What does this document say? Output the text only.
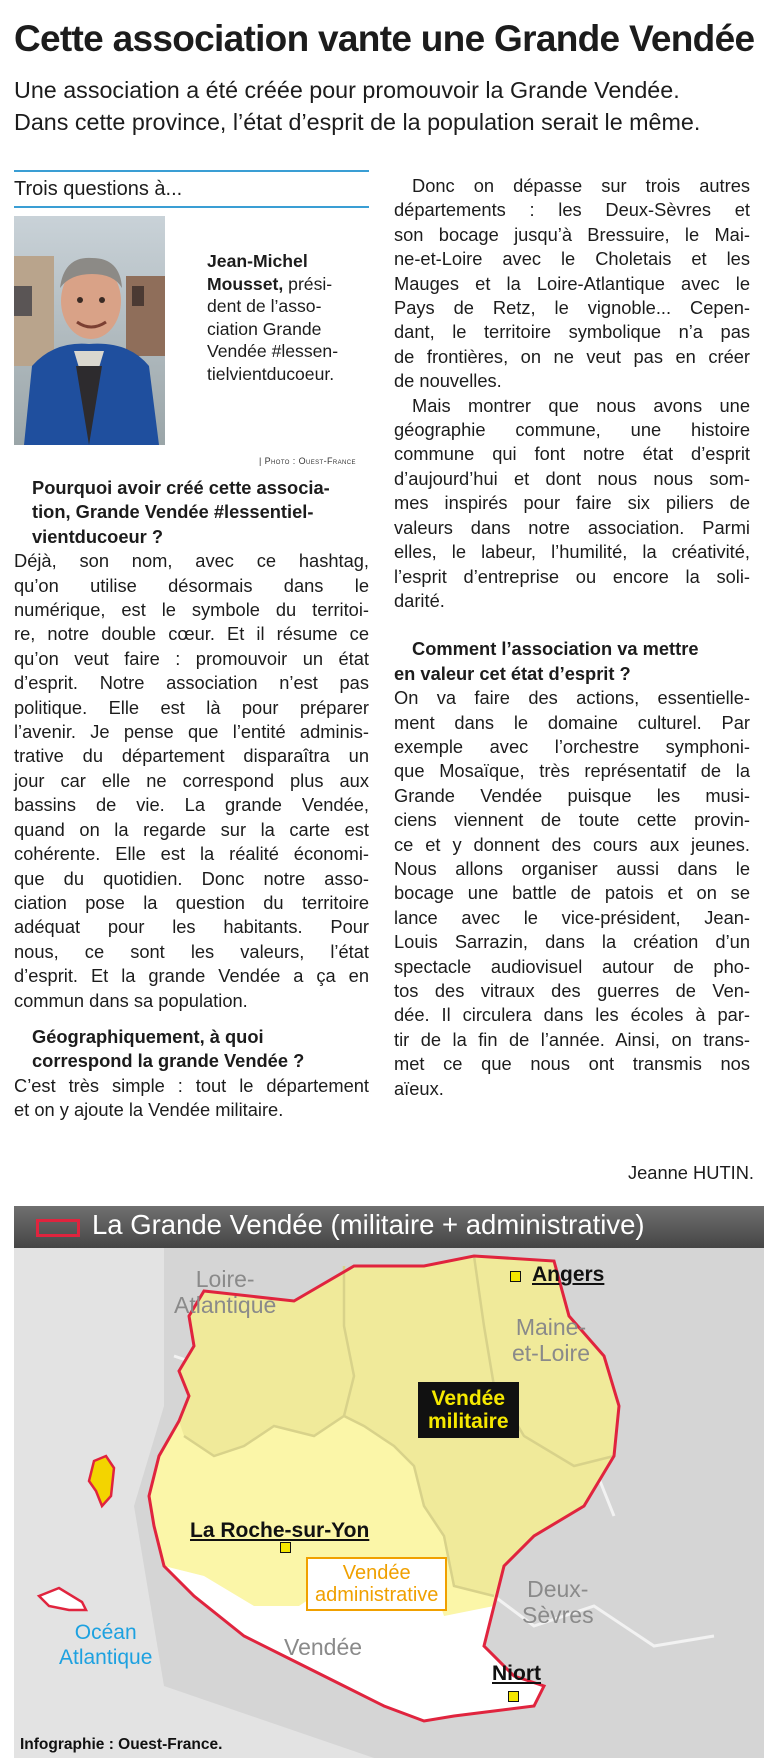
Cette association vante une Grande Vendée
Une association a été créée pour promouvoir la Grande Vendée.
Dans cette province, l’état d’esprit de la population serait le même.
Trois questions à...
Jean-Michel
Mousset, prési-
dent de l’asso-
ciation Grande
Vendée #lessen-
tielvientducoeur.
| Photo : Ouest-France
Pourquoi avoir créé cette associa-
tion, Grande Vendée #lessentiel-
vientducoeur ?
Déjà, son nom, avec ce hashtag,
qu’on utilise désormais dans le
numérique, est le symbole du territoi-
re, notre double cœur. Et il résume ce
qu’on veut faire : promouvoir un état
d’esprit. Notre association n’est pas
politique. Elle est là pour préparer
l’avenir. Je pense que l’entité adminis-
trative du département disparaîtra un
jour car elle ne correspond plus aux
bassins de vie. La grande Vendée,
quand on la regarde sur la carte est
cohérente. Elle est la réalité économi-
que du quotidien. Donc notre asso-
ciation pose la question du territoire
adéquat pour les habitants. Pour
nous, ce sont les valeurs, l’état
d’esprit. Et la grande Vendée a ça en
commun dans sa population.
Géographiquement, à quoi
correspond la grande Vendée ?
C’est très simple : tout le département
et on y ajoute la Vendée militaire.
Donc on dépasse sur trois autres
départements : les Deux-Sèvres et
son bocage jusqu’à Bressuire, le Mai-
ne-et-Loire avec le Choletais et les
Mauges et la Loire-Atlantique avec le
Pays de Retz, le vignoble... Cepen-
dant, le territoire symbolique n’a pas
de frontières, on ne veut pas en créer
de nouvelles.
Mais montrer que nous avons une
géographie commune, une histoire
commune qui font notre état d’esprit
d’aujourd’hui et dont nous nous som-
mes inspirés pour faire six piliers de
valeurs dans notre association. Parmi
elles, le labeur, l’humilité, la créativité,
l’esprit d’entreprise ou encore la soli-
darité.
Comment l’association va mettre
en valeur cet état d’esprit ?
On va faire des actions, essentielle-
ment dans le domaine culturel. Par
exemple avec l’orchestre symphoni-
que Mosaïque, très représentatif de la
Grande Vendée puisque les musi-
ciens viennent de toute cette provin-
ce et y donnent des cours aux jeunes.
Nous allons organiser aussi dans le
bocage une battle de patois et on se
lance avec le vice-président, Jean-
Louis Sarrazin, dans la création d’un
spectacle audiovisuel autour de pho-
tos des vitraux des guerres de Ven-
dée. Il circulera dans les écoles à par-
tir de la fin de l’année. Ainsi, on trans-
met ce que nous ont transmis nos
aïeux.
Jeanne HUTIN.
La Grande Vendée (militaire + administrative)
Loire-
Atlantique
Maine-
et-Loire
Deux-
Sèvres
Vendée
Océan
Atlantique
Angers
La Roche-sur-Yon
Niort
Vendée
militaire
Vendée
administrative
Infographie : Ouest-France.
